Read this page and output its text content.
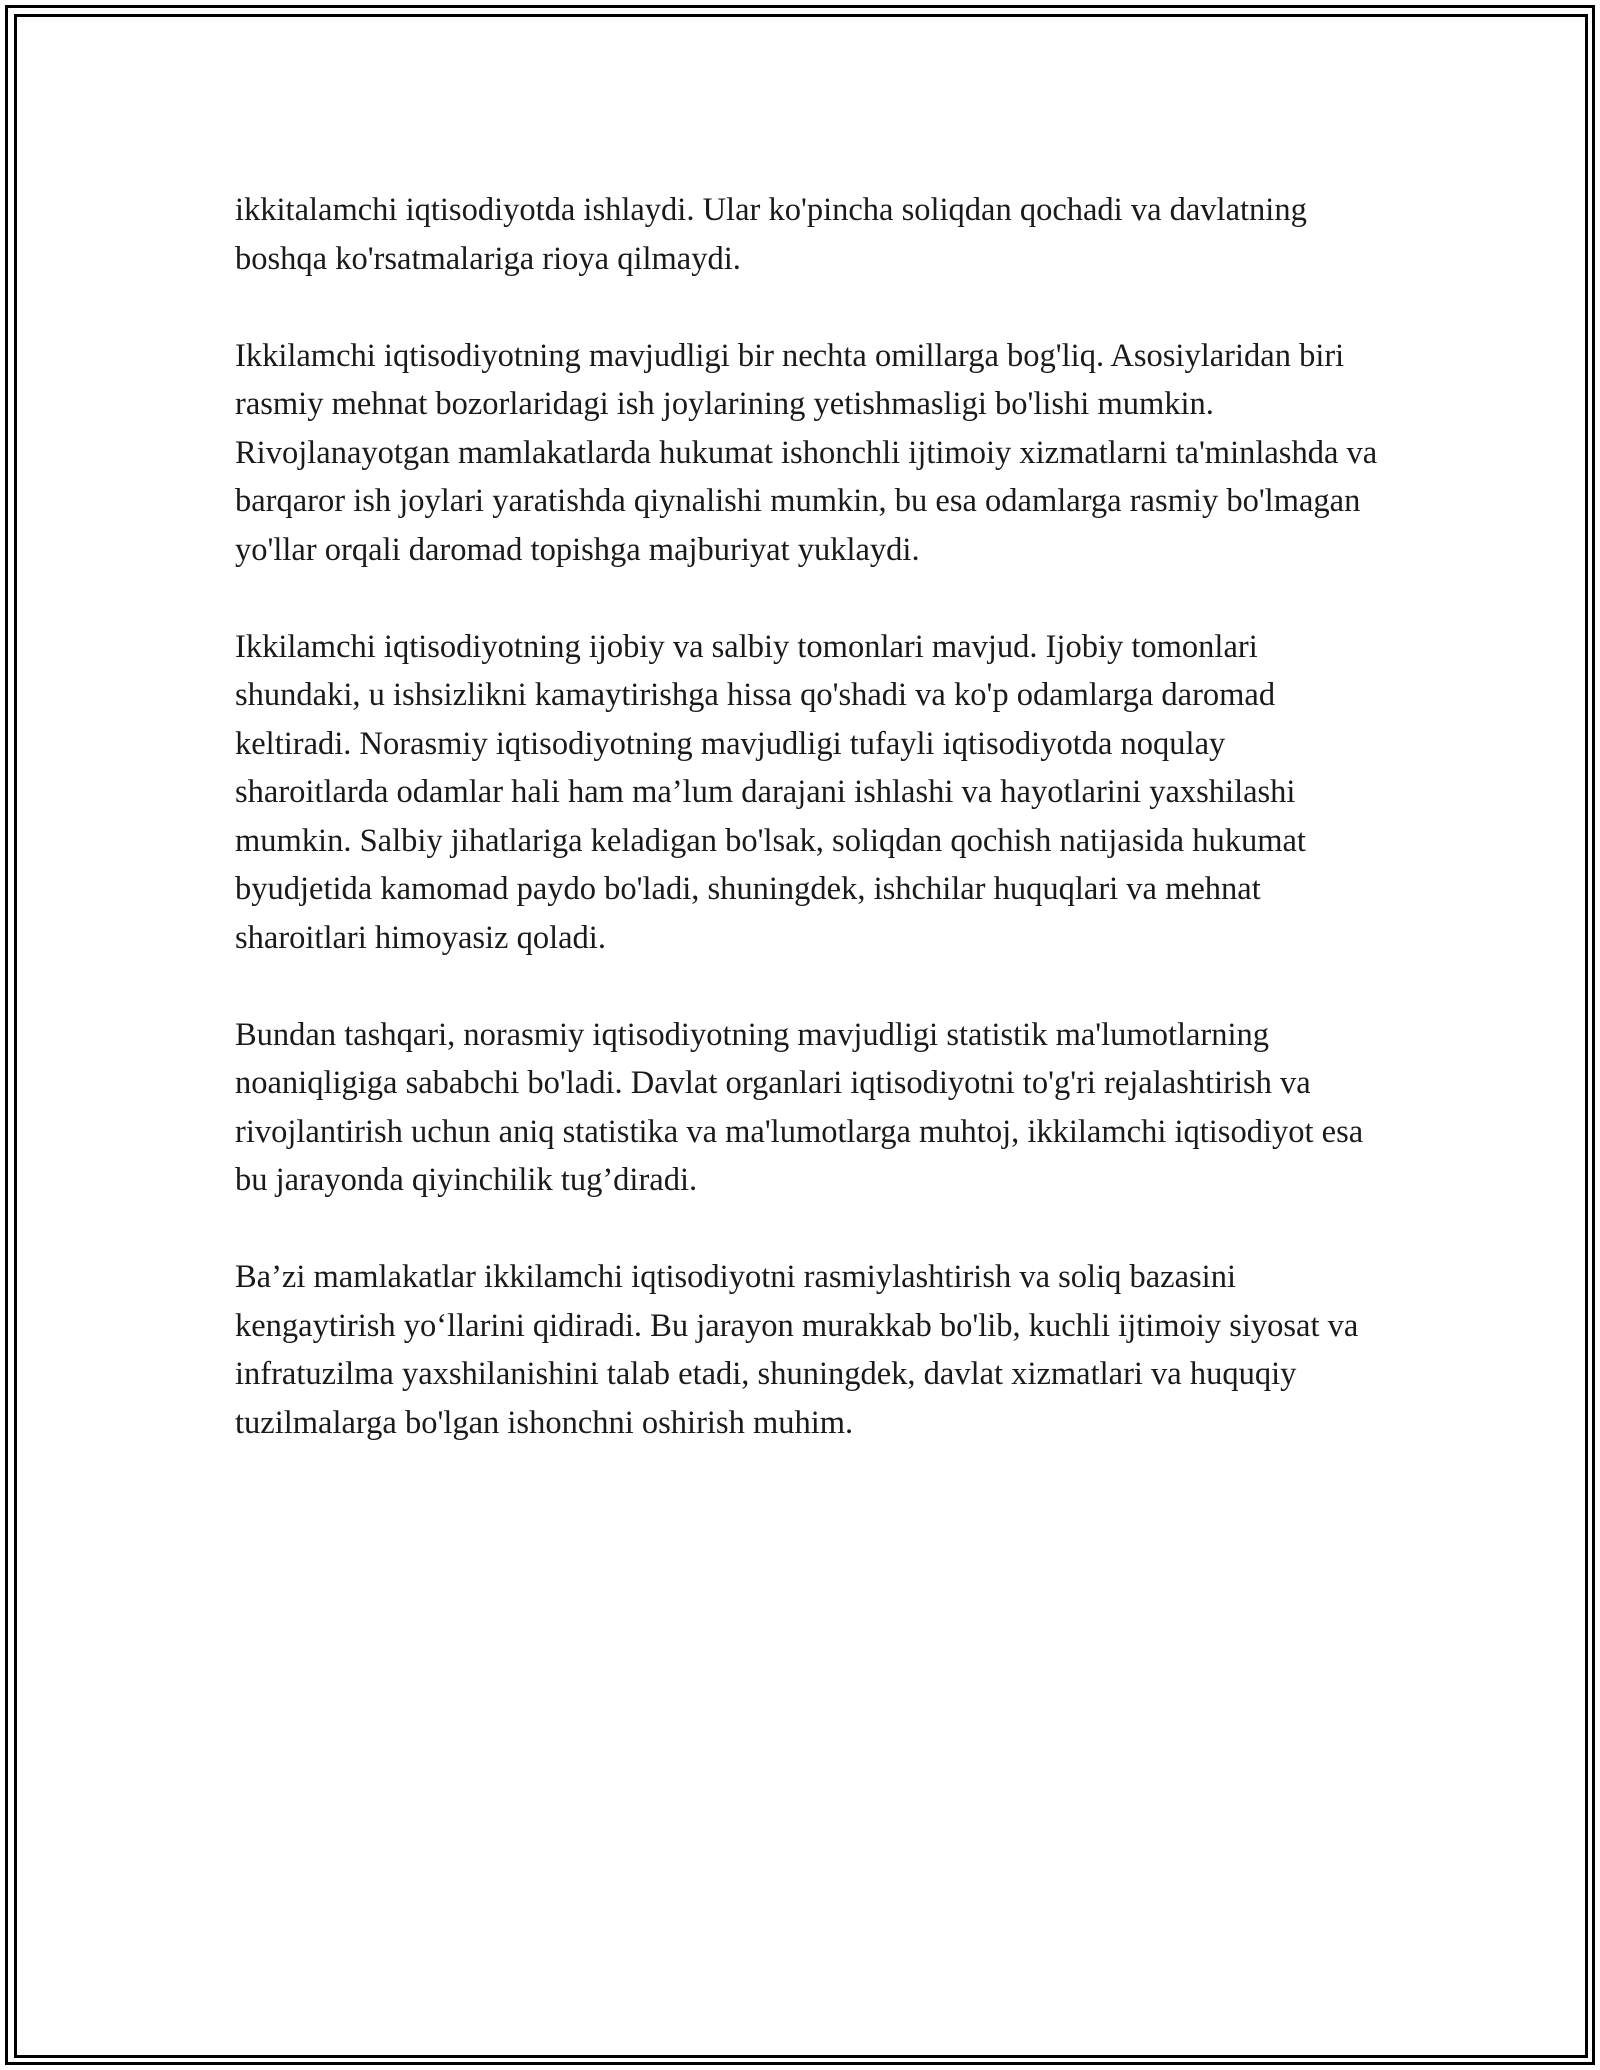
ikkitalamchi iqtisodiyotda ishlaydi. Ular ko'pincha soliqdan qochadi va davlatning boshqa ko'rsatmalariga rioya qilmaydi.

Ikkilamchi iqtisodiyotning mavjudligi bir nechta omillarga bog'liq. Asosiylaridan biri rasmiy mehnat bozorlaridagi ish joylarining yetishmasligi bo'lishi mumkin. Rivojlanayotgan mamlakatlarda hukumat ishonchli ijtimoiy xizmatlarni ta'minlashda va barqaror ish joylari yaratishda qiynalishi mumkin, bu esa odamlarga rasmiy bo'lmagan yo'llar orqali daromad topishga majburiyat yuklaydi.

Ikkilamchi iqtisodiyotning ijobiy va salbiy tomonlari mavjud. Ijobiy tomonlari shundaki, u ishsizlikni kamaytirishga hissa qo'shadi va ko'p odamlarga daromad keltiradi. Norasmiy iqtisodiyotning mavjudligi tufayli iqtisodiyotda noqulay sharoitlarda odamlar hali ham ma’lum darajani ishlashi va hayotlarini yaxshilashi mumkin. Salbiy jihatlariga keladigan bo'lsak, soliqdan qochish natijasida hukumat byudjetida kamomad paydo bo'ladi, shuningdek, ishchilar huquqlari va mehnat sharoitlari himoyasiz qoladi.

Bundan tashqari, norasmiy iqtisodiyotning mavjudligi statistik ma'lumotlarning noaniqligiga sababchi bo'ladi. Davlat organlari iqtisodiyotni to'g'ri rejalashtirish va rivojlantirish uchun aniq statistika va ma'lumotlarga muhtoj, ikkilamchi iqtisodiyot esa bu jarayonda qiyinchilik tug’diradi.

Ba’zi mamlakatlar ikkilamchi iqtisodiyotni rasmiylashtirish va soliq bazasini kengaytirish yo‘llarini qidiradi. Bu jarayon murakkab bo'lib, kuchli ijtimoiy siyosat va infratuzilma yaxshilanishini talab etadi, shuningdek, davlat xizmatlari va huquqiy tuzilmalarga bo'lgan ishonchni oshirish muhim.
